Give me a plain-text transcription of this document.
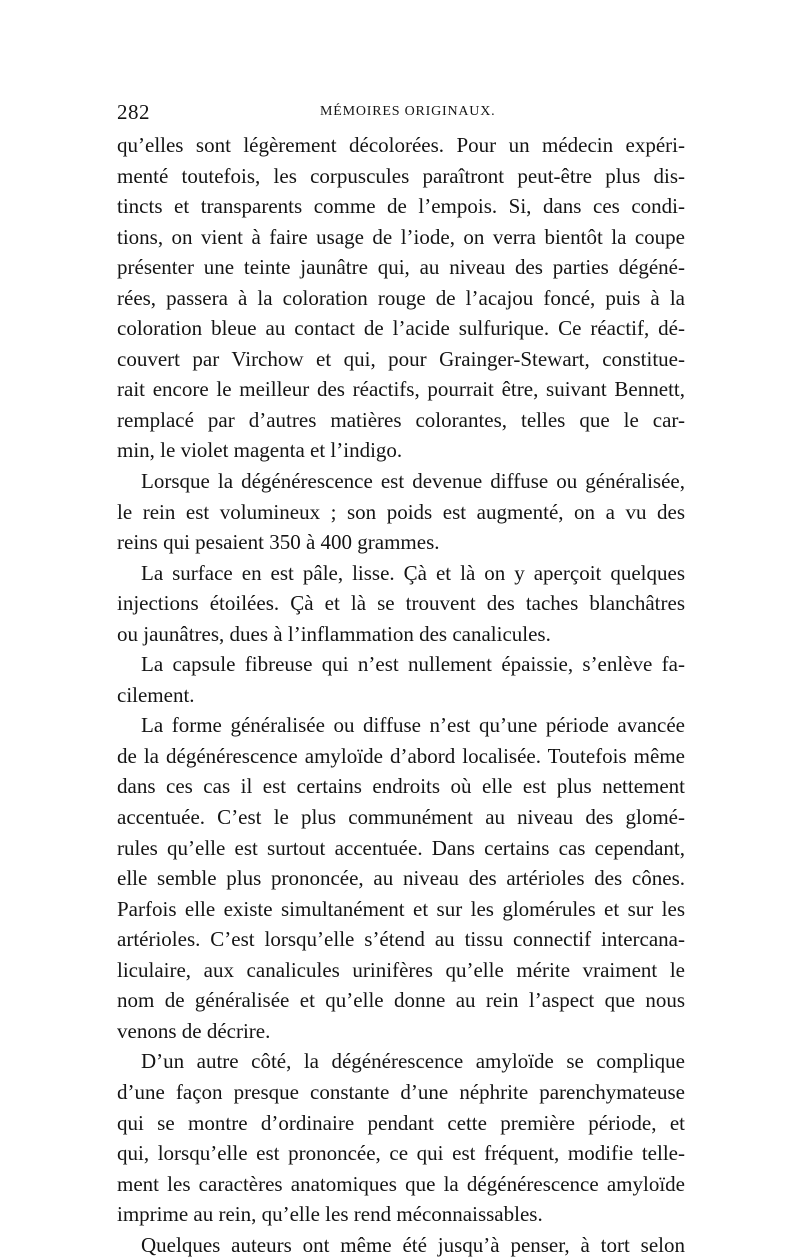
282	MÉMOIRES ORIGINAUX.
qu’elles sont légèrement décolorées. Pour un médecin expéri-
menté toutefois, les corpuscules paraîtront peut-être plus dis-
tincts et transparents comme de l’empois. Si, dans ces condi-
tions, on vient à faire usage de l’iode, on verra bientôt la coupe
présenter une teinte jaunâtre qui, au niveau des parties dégéné-
rées, passera à la coloration rouge de l’acajou foncé, puis à la
coloration bleue au contact de l’acide sulfurique. Ce réactif, dé-
couvert par Virchow et qui, pour Grainger-Stewart, constitue-
rait encore le meilleur des réactifs, pourrait être, suivant Bennett,
remplacé par d’autres matières colorantes, telles que le car-
min, le violet magenta et l’indigo.
Lorsque la dégénérescence est devenue diffuse ou généralisée,
le rein est volumineux ; son poids est augmenté, on a vu des
reins qui pesaient 350 à 400 grammes.
La surface en est pâle, lisse. Çà et là on y aperçoit quelques
injections étoilées. Çà et là se trouvent des taches blanchâtres
ou jaunâtres, dues à l’inflammation des canalicules.
La capsule fibreuse qui n’est nullement épaissie, s’enlève fa-
cilement.
La forme généralisée ou diffuse n’est qu’une période avancée
de la dégénérescence amyloïde d’abord localisée. Toutefois même
dans ces cas il est certains endroits où elle est plus nettement
accentuée. C’est le plus communément au niveau des glomé-
rules qu’elle est surtout accentuée. Dans certains cas cependant,
elle semble plus prononcée, au niveau des artérioles des cônes.
Parfois elle existe simultanément et sur les glomérules et sur les
artérioles. C’est lorsqu’elle s’étend au tissu connectif intercana-
liculaire, aux canalicules urinifères qu’elle mérite vraiment le
nom de généralisée et qu’elle donne au rein l’aspect que nous
venons de décrire.
D’un autre côté, la dégénérescence amyloïde se complique
d’une façon presque constante d’une néphrite parenchymateuse
qui se montre d’ordinaire pendant cette première période, et
qui, lorsqu’elle est prononcée, ce qui est fréquent, modifie telle-
ment les caractères anatomiques que la dégénérescence amyloïde
imprime au rein, qu’elle les rend méconnaissables.
Quelques auteurs ont même été jusqu’à penser, à tort selon
